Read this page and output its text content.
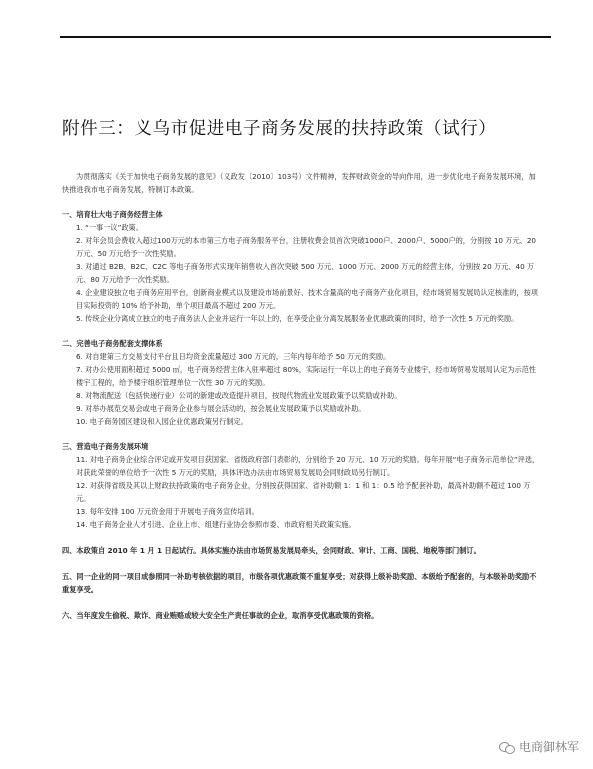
附件三：义乌市促进电子商务发展的扶持政策（试行）

为贯彻落实《关于加快电子商务发展的意见》（义政发〔2010〕103号）文件精神，发挥财政资金的导向作用，进一步优化电子商务发展环境，加快推进我市电子商务发展，特制订本政策。

一、培育壮大电子商务经营主体
1. “一事一议”政策。
2. 对年会员会费收入超过100万元的本市第三方电子商务服务平台，注册收费会员首次突破1000户、2000户、5000户的，分别按 10 万元、20 万元、50 万元给予一次性奖励。
3. 对通过 B2B、B2C、C2C 等电子商务形式实现年销售收入首次突破 500 万元、1000 万元、2000 万元的经营主体，分别按 20 万元、40 万元、80 万元给予一次性奖励。
4. 企业建设独立电子商务应用平台，创新商业模式以及建设市场前景好、技术含量高的电子商务产业化项目，经市场贸易发展局认定核准的，按项目实际投资的 10% 给予补助，单个项目最高不超过 200 万元。
5. 传统企业分离成立独立的电子商务法人企业并运行一年以上的，在享受企业分离发展服务业优惠政策的同时，给予一次性 5 万元的奖励。
二、完善电子商务配套支撑体系
6. 对自建第三方交易支付平台且日均资金流量超过 300 万元的，三年内每年给予 50 万元的奖励。
7. 对办公使用面积超过 5000 ㎡，电子商务经营主体入驻率超过 80%，实际运行一年以上的电子商务专业楼宇，经市场贸易发展局认定为示范性楼宇工程的，给予楼宇组织管理单位一次性 30 万元的奖励。
8. 对物流配送（包括快递行业）公司的新建或改造提升项目，按现代物流业发展政策予以奖励或补助。
9. 对举办展览交易会或电子商务企业参与展会活动的，按会展业发展政策予以奖励或补助。
10. 电子商务园区建设和入园企业优惠政策另行制定。
三、营造电子商务发展环境
11. 对电子商务企业综合评定或开发项目获国家、省级政府部门表彰的，分别给予 20 万元、10 万元的奖励。每年开展“电子商务示范单位”评选，对获此荣誉的单位给予一次性 5 万元的奖励，具体评选办法由市场贸易发展局会同财政局另行制订。
12. 对获得省级及其以上财政扶持政策的电子商务企业，分别按获得国家、省补助额 1：1 和 1：0.5 给予配套补助，最高补助额不超过 100 万元。
13. 每年安排 100 万元资金用于开展电子商务宣传培训。
14. 电子商务企业人才引进、企业上市、组建行业协会参照市委、市政府相关政策实施。
四、本政策自 2010 年 1 月 1 日起试行。具体实施办法由市场贸易发展局牵头，会同财政、审计、工商、国税、地税等部门制订。
五、同一企业的同一项目或参照同一补助考核依据的项目，市级各项优惠政策不重复享受；对获得上级补助奖励、本级给予配套的，与本级补助奖励不重复享受。
六、当年度发生偷税、欺诈、商业贿赂或较大安全生产责任事故的企业，取消享受优惠政策的资格。
电商御林军
